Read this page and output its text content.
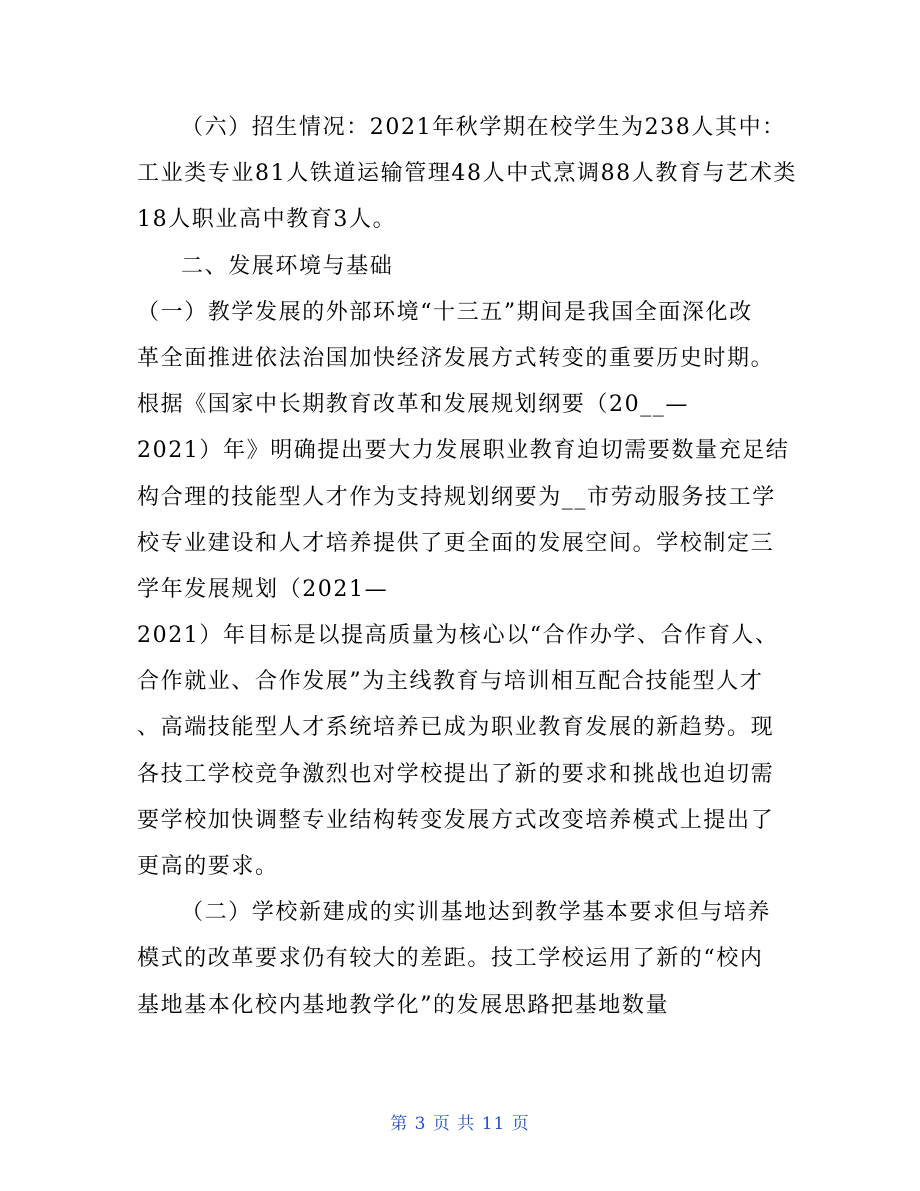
（六）招生情况：2021年秋学期在校学生为238人其中：
工业类专业81人铁道运输管理48人中式烹调88人教育与艺术类
18人职业高中教育3人。
二、发展环境与基础
（一）教学发展的外部环境“十三五”期间是我国全面深化改
革全面推进依法治国加快经济发展方式转变的重要历史时期。
根据《国家中长期教育改革和发展规划纲要（20__—
2021）年》明确提出要大力发展职业教育迫切需要数量充足结
构合理的技能型人才作为支持规划纲要为__市劳动服务技工学
校专业建设和人才培养提供了更全面的发展空间。学校制定三
学年发展规划（2021—
2021）年目标是以提高质量为核心以“合作办学、合作育人、
合作就业、合作发展”为主线教育与培训相互配合技能型人才
、高端技能型人才系统培养已成为职业教育发展的新趋势。现
各技工学校竞争激烈也对学校提出了新的要求和挑战也迫切需
要学校加快调整专业结构转变发展方式改变培养模式上提出了
更高的要求。
（二）学校新建成的实训基地达到教学基本要求但与培养
模式的改革要求仍有较大的差距。技工学校运用了新的“校内
基地基本化校内基地教学化”的发展思路把基地数量
第 3 页 共 11 页
